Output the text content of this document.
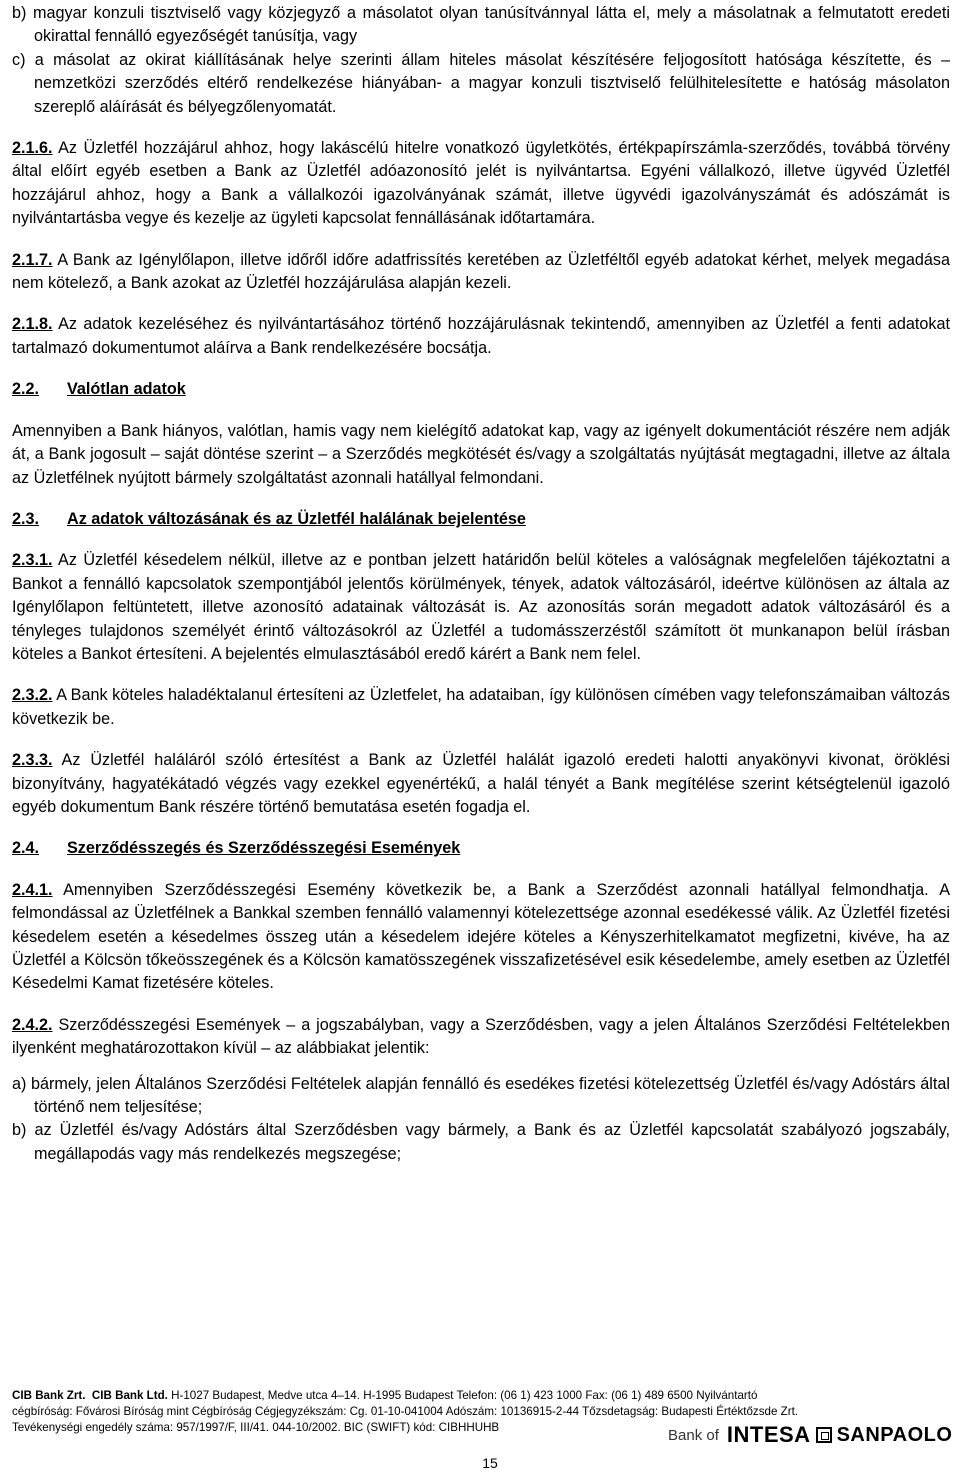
b) magyar konzuli tisztviselő vagy közjegyző a másolatot olyan tanúsítvánnyal látta el, mely a másolatnak a felmutatott eredeti okirattal fennálló egyezőségét tanúsítja, vagy

c) a másolat az okirat kiállításának helye szerinti állam hiteles másolat készítésére feljogosított hatósága készítette, és – nemzetközi szerződés eltérő rendelkezése hiányában- a magyar konzuli tisztviselő felülhitelesítette e hatóság másolaton szereplő aláírását és bélyegzőlenyomatát.

2.1.6. Az Üzletfél hozzájárul ahhoz, hogy lakáscélú hitelre vonatkozó ügyletkötés, értékpapírszámla-szerződés, továbbá törvény által előírt egyéb esetben a Bank az Üzletfél adóazonosító jelét is nyilvántartsa. Egyéni vállalkozó, illetve ügyvéd Üzletfél hozzájárul ahhoz, hogy a Bank a vállalkozói igazolványának számát, illetve ügyvédi igazolványszámát és adószámát is nyilvántartásba vegye és kezelje az ügyleti kapcsolat fennállásának időtartamára.

2.1.7. A Bank az Igénylőlapon, illetve időről időre adatfrissítés keretében az Üzletféltől egyéb adatokat kérhet, melyek megadása nem kötelező, a Bank azokat az Üzletfél hozzájárulása alapján kezeli.

2.1.8. Az adatok kezeléséhez és nyilvántartásához történő hozzájárulásnak tekintendő, amennyiben az Üzletfél a fenti adatokat tartalmazó dokumentumot aláírva a Bank rendelkezésére bocsátja.

2.2. Valótlan adatok

Amennyiben a Bank hiányos, valótlan, hamis vagy nem kielégítő adatokat kap, vagy az igényelt dokumentációt részére nem adják át, a Bank jogosult – saját döntése szerint – a Szerződés megkötését és/vagy a szolgáltatás nyújtását megtagadni, illetve az általa az Üzletfélnek nyújtott bármely szolgáltatást azonnali hatállyal felmondani.

2.3. Az adatok változásának és az Üzletfél halálának bejelentése

2.3.1. Az Üzletfél késedelem nélkül, illetve az e pontban jelzett határidőn belül köteles a valóságnak megfelelően tájékoztatni a Bankot a fennálló kapcsolatok szempontjából jelentős körülmények, tények, adatok változásáról, ideértve különösen az általa az Igénylőlapon feltüntetett, illetve azonosító adatainak változását is. Az azonosítás során megadott adatok változásáról és a tényleges tulajdonos személyét érintő változásokról az Üzletfél a tudomásszerzéstől számított öt munkanapon belül írásban köteles a Bankot értesíteni. A bejelentés elmulasztásából eredő kárért a Bank nem felel.

2.3.2. A Bank köteles haladéktalanul értesíteni az Üzletfelet, ha adataiban, így különösen címében vagy telefonszámaiban változás következik be.

2.3.3. Az Üzletfél haláláról szóló értesítést a Bank az Üzletfél halálát igazoló eredeti halotti anyakönyvi kivonat, öröklési bizonyítvány, hagyatékátadó végzés vagy ezekkel egyenértékű, a halál tényét a Bank megítélése szerint kétségtelenül igazoló egyéb dokumentum Bank részére történő bemutatása esetén fogadja el.

2.4. Szerződésszegés és Szerződésszegési Események

2.4.1. Amennyiben Szerződésszegési Esemény következik be, a Bank a Szerződést azonnali hatállyal felmondhatja. A felmondással az Üzletfélnek a Bankkal szemben fennálló valamennyi kötelezettsége azonnal esedékessé válik. Az Üzletfél fizetési késedelem esetén a késedelmes összeg után a késedelem idejére köteles a Kényszerhitelkamatot megfizetni, kivéve, ha az Üzletfél a Kölcsön tőkeösszegének és a Kölcsön kamatösszegének visszafizetésével esik késedelembe, amely esetben az Üzletfél Késedelmi Kamat fizetésére köteles.

2.4.2. Szerződésszegési Események – a jogszabályban, vagy a Szerződésben, vagy a jelen Általános Szerződési Feltételekben ilyenként meghatározottakon kívül – az alábbiakat jelentik:

a) bármely, jelen Általános Szerződési Feltételek alapján fennálló és esedékes fizetési kötelezettség Üzletfél és/vagy Adóstárs által történő nem teljesítése;

b) az Üzletfél és/vagy Adóstárs által Szerződésben vagy bármely, a Bank és az Üzletfél kapcsolatát szabályozó jogszabály, megállapodás vagy más rendelkezés megszegése;

CIB Bank Zrt. CIB Bank Ltd. H-1027 Budapest, Medve utca 4–14. H-1995 Budapest Telefon: (06 1) 423 1000 Fax: (06 1) 489 6500 Nyilvántartó
cégbíróság: Fővárosi Bíróság mint Cégbíróság Cégjegyzékszám: Cg. 01-10-041004 Adószám: 10136915-2-44 Tőzsdetagság: Budapesti Értéktőzsde Zrt.
Tevékenységi engedély száma: 957/1997/F, III/41. 044-10/2002. BIC (SWIFT) kód: CIBHHUHB	Bank of INTESA SANPAOLO
15
